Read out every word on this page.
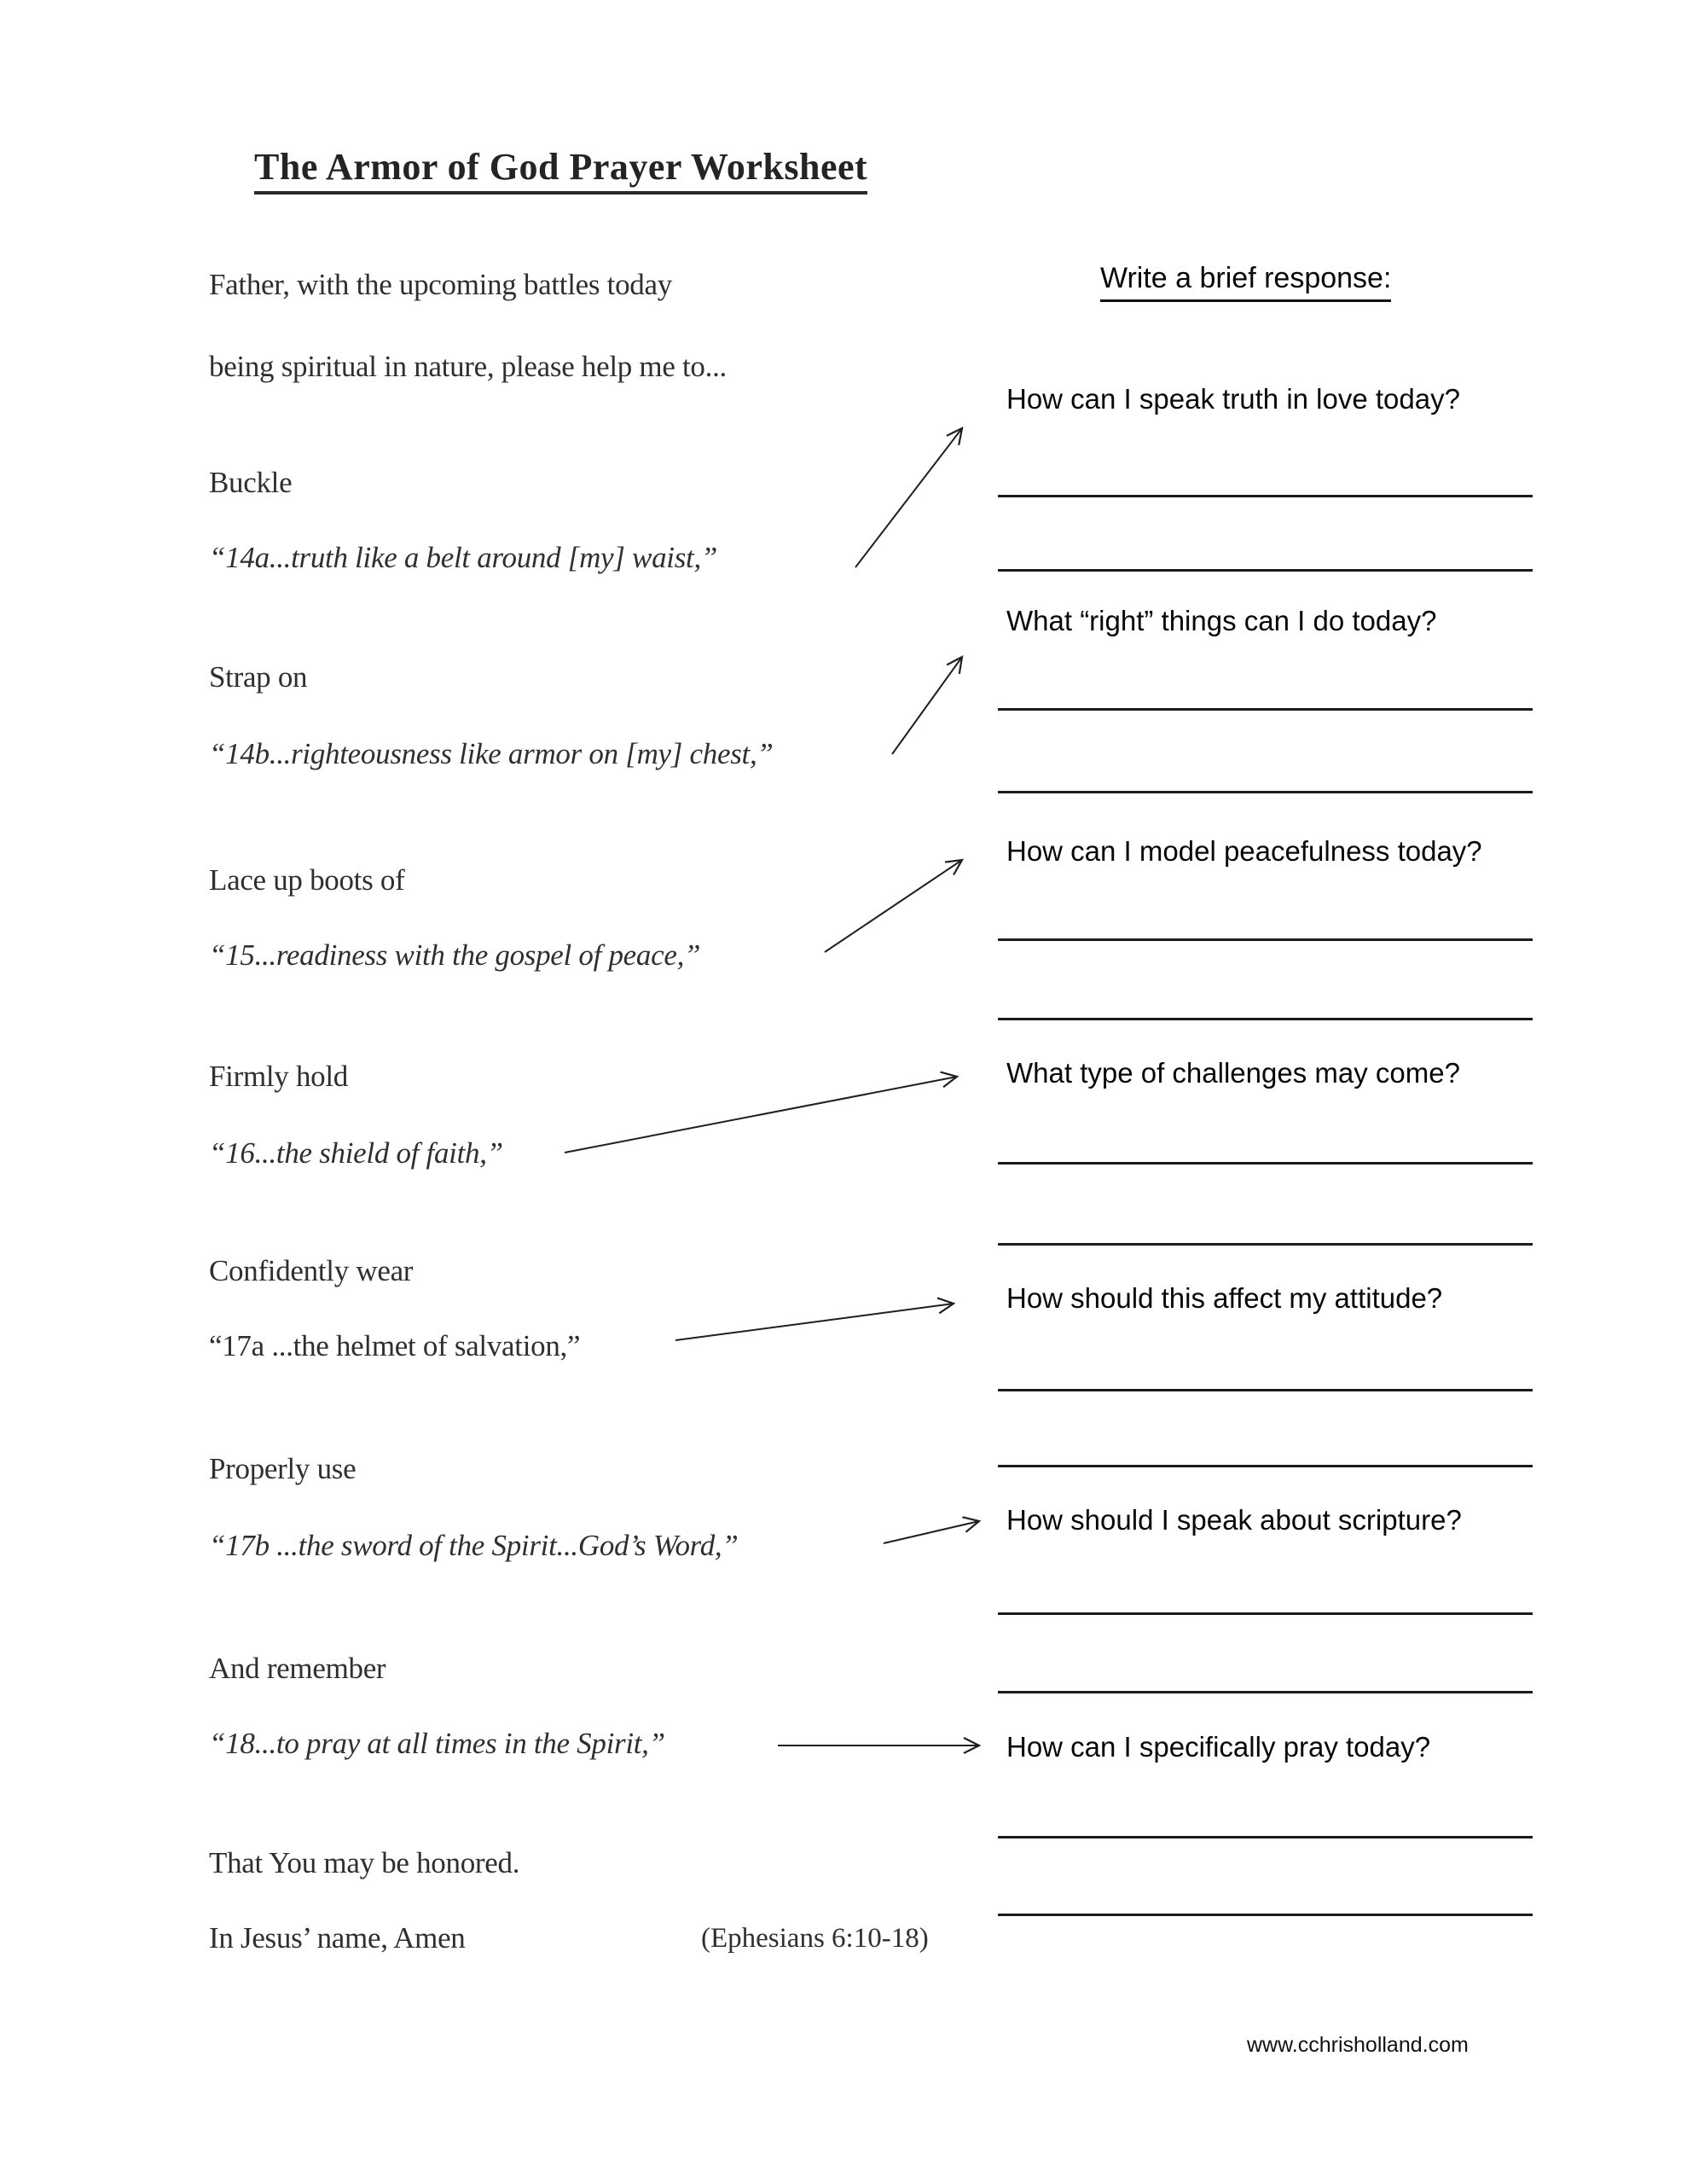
The Armor of God Prayer Worksheet
Father, with the upcoming battles today
being spiritual in nature, please help me to...
Buckle
“14a...truth like a belt around [my] waist,”
Strap on
“14b...righteousness like armor on [my] chest,”
Lace up boots of
“15...readiness with the gospel of peace,”
Firmly hold
“16...the shield of faith,”
Confidently wear
“17a ...the helmet of salvation,”
Properly use
“17b ...the sword of the Spirit...God’s Word,”
And remember
“18...to pray at all times in the Spirit,”
That You may be honored.
In Jesus’ name, Amen	(Ephesians 6:10-18)
Write a brief response:
How can I speak truth in love today?
What “right” things can I do today?
How can I model peacefulness today?
What type of challenges may come?
How should this affect my attitude?
How should I speak about scripture?
How can I specifically pray today?
www.cchrisholland.com
